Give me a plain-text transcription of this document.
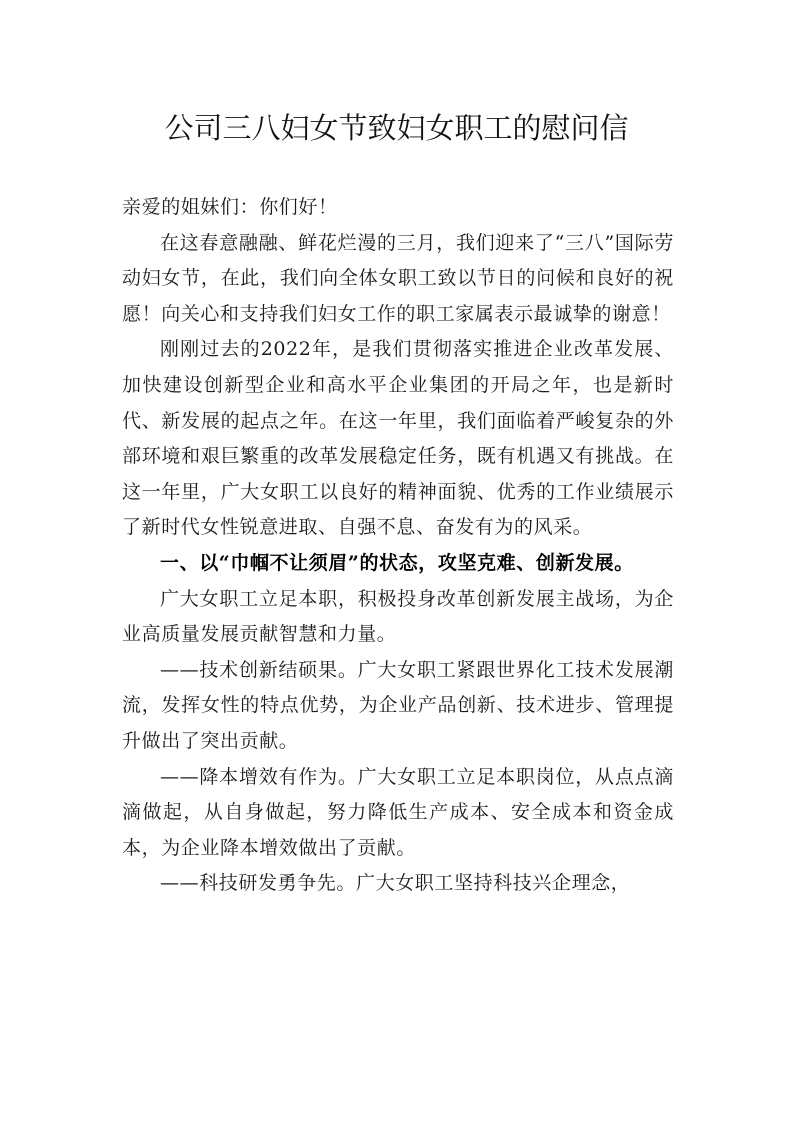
公司三八妇女节致妇女职工的慰问信

亲爱的姐妹们：你们好！

在这春意融融、鲜花烂漫的三月，我们迎来了“三八”国际劳动妇女节，在此，我们向全体女职工致以节日的问候和良好的祝愿！向关心和支持我们妇女工作的职工家属表示最诚挚的谢意！

刚刚过去的2022年，是我们贯彻落实推进企业改革发展、加快建设创新型企业和高水平企业集团的开局之年，也是新时代、新发展的起点之年。在这一年里，我们面临着严峻复杂的外部环境和艰巨繁重的改革发展稳定任务，既有机遇又有挑战。在这一年里，广大女职工以良好的精神面貌、优秀的工作业绩展示了新时代女性锐意进取、自强不息、奋发有为的风采。

一、以“巾帼不让须眉”的状态，攻坚克难、创新发展。

广大女职工立足本职，积极投身改革创新发展主战场，为企业高质量发展贡献智慧和力量。

——技术创新结硕果。广大女职工紧跟世界化工技术发展潮流，发挥女性的特点优势，为企业产品创新、技术进步、管理提升做出了突出贡献。

——降本增效有作为。广大女职工立足本职岗位，从点点滴滴做起，从自身做起，努力降低生产成本、安全成本和资金成本，为企业降本增效做出了贡献。

——科技研发勇争先。广大女职工坚持科技兴企理念，
